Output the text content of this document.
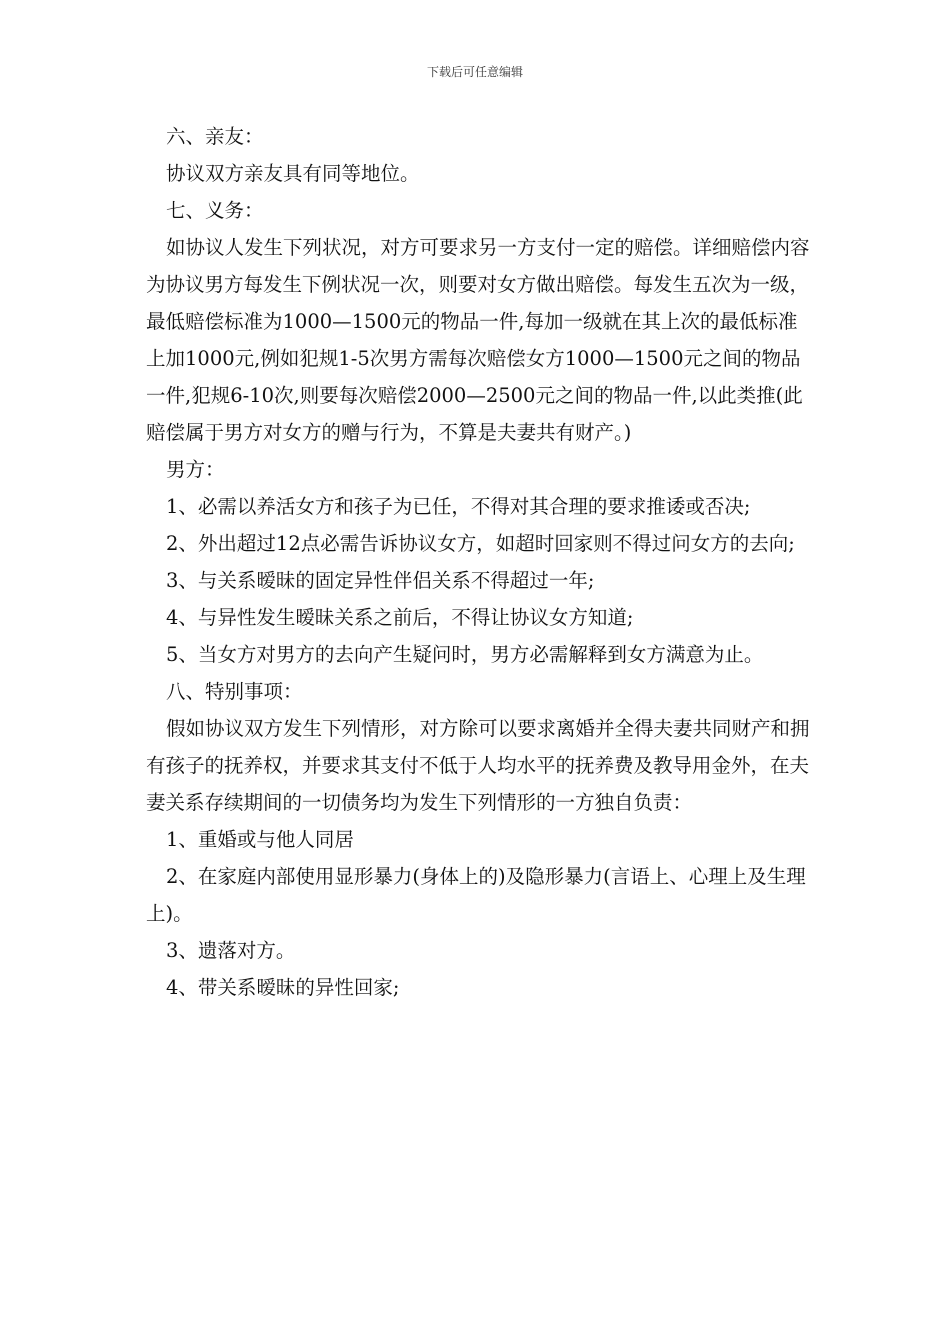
下载后可任意编辑

六、亲友：

协议双方亲友具有同等地位。

七、义务：

如协议人发生下列状况，对方可要求另一方支付一定的赔偿。详细赔偿内容为协议男方每发生下例状况一次，则要对女方做出赔偿。每发生五次为一级，最低赔偿标准为1000—1500元的物品一件,每加一级就在其上次的最低标准上加1000元,例如犯规1-5次男方需每次赔偿女方1000—1500元之间的物品一件,犯规6-10次,则要每次赔偿2000—2500元之间的物品一件,以此类推(此赔偿属于男方对女方的赠与行为，不算是夫妻共有财产。)

男方：

1、必需以养活女方和孩子为已任，不得对其合理的要求推诿或否决;

2、外出超过12点必需告诉协议女方，如超时回家则不得过问女方的去向;

3、与关系暧昧的固定异性伴侣关系不得超过一年;

4、与异性发生暧昧关系之前后，不得让协议女方知道;

5、当女方对男方的去向产生疑问时，男方必需解释到女方满意为止。

八、特别事项：

假如协议双方发生下列情形，对方除可以要求离婚并全得夫妻共同财产和拥有孩子的抚养权，并要求其支付不低于人均水平的抚养费及教导用金外，在夫妻关系存续期间的一切债务均为发生下列情形的一方独自负责：

1、重婚或与他人同居

2、在家庭内部使用显形暴力(身体上的)及隐形暴力(言语上、心理上及生理上)。

3、遗落对方。

4、带关系暧昧的异性回家;
